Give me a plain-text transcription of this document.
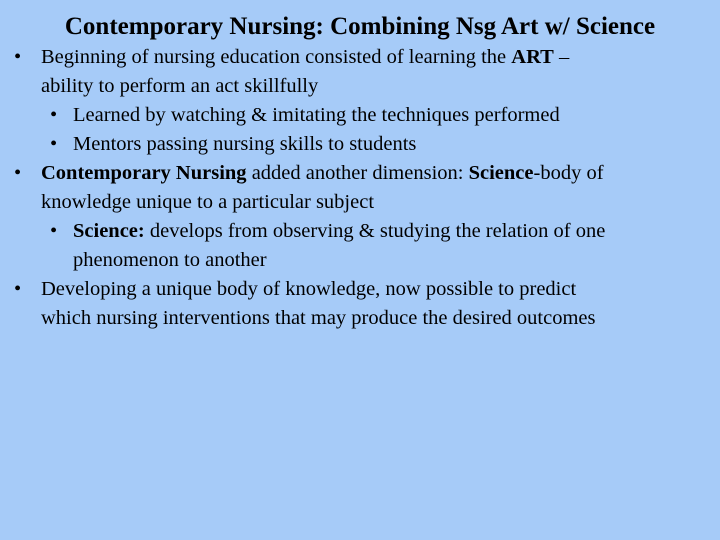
Contemporary Nursing: Combining Nsg Art w/ Science
• Beginning of nursing education consisted of learning the ART –
ability to perform an act skillfully
• Learned by watching & imitating the techniques performed
• Mentors passing nursing skills to students
• Contemporary Nursing added another dimension: Science-body of
knowledge unique to a particular subject
• Science: develops from observing & studying the relation of one
phenomenon to another
• Developing a unique body of knowledge, now possible to predict
which nursing interventions that may produce the desired outcomes
